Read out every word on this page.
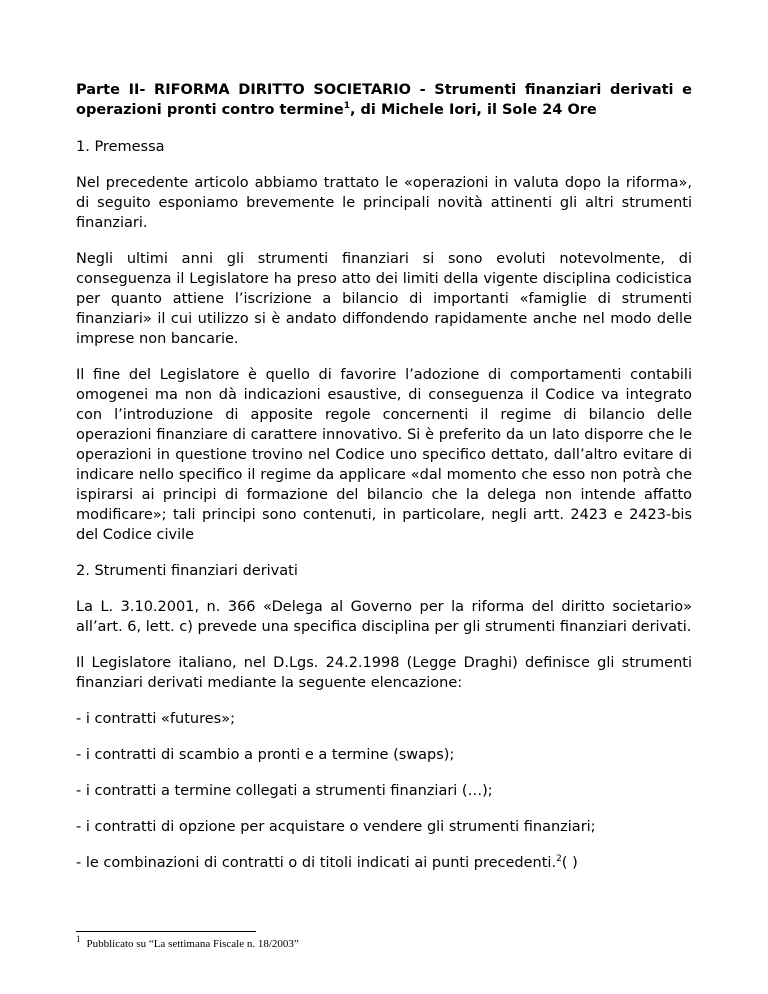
Parte II- RIFORMA DIRITTO SOCIETARIO - Strumenti finanziari derivati e operazioni pronti contro termine$^1$, di Michele Iori, il Sole 24 Ore

1. Premessa

Nel precedente articolo abbiamo trattato le «operazioni in valuta dopo la riforma», di seguito esponiamo brevemente le principali novità attinenti gli altri strumenti finanziari.

Negli ultimi anni gli strumenti finanziari si sono evoluti notevolmente, di conseguenza il Legislatore ha preso atto dei limiti della vigente disciplina codicistica per quanto attiene l’iscrizione a bilancio di importanti «famiglie di strumenti finanziari» il cui utilizzo si è andato diffondendo rapidamente anche nel modo delle imprese non bancarie.

Il fine del Legislatore è quello di favorire l’adozione di comportamenti contabili omogenei ma non dà indicazioni esaustive, di conseguenza il Codice va integrato con l’introduzione di apposite regole concernenti il regime di bilancio delle operazioni finanziare di carattere innovativo. Si è preferito da un lato disporre che le operazioni in questione trovino nel Codice uno specifico dettato, dall’altro evitare di indicare nello specifico il regime da applicare «dal momento che esso non potrà che ispirarsi ai principi di formazione del bilancio che la delega non intende affatto modificare»; tali principi sono contenuti, in particolare, negli artt. 2423 e 2423-bis del Codice civile

2. Strumenti finanziari derivati

La L. 3.10.2001, n. 366 «Delega al Governo per la riforma del diritto societario» all’art. 6, lett. c) prevede una specifica disciplina per gli strumenti finanziari derivati.

Il Legislatore italiano, nel D.Lgs. 24.2.1998 (Legge Draghi) definisce gli strumenti finanziari derivati mediante la seguente elencazione:

- i contratti «futures»;

- i contratti di scambio a pronti e a termine (swaps);

- i contratti a termine collegati a strumenti finanziari (…);

- i contratti di opzione per acquistare o vendere gli strumenti finanziari;

- le combinazioni di contratti o di titoli indicati ai punti precedenti.$^2$( )

$^1$ Pubblicato su “La settimana Fiscale n. 18/2003”
